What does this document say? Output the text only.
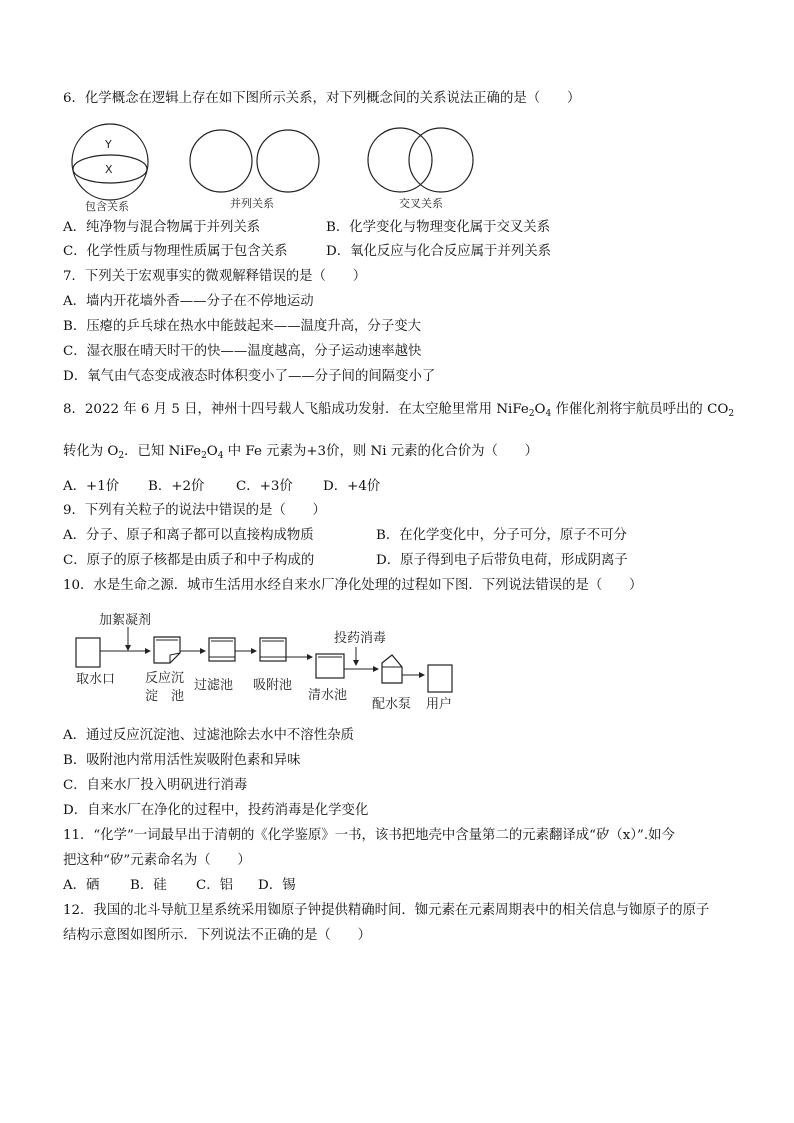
6．化学概念在逻辑上存在如下图所示关系，对下列概念间的关系说法正确的是（　　）
Y
X
包含关系	并列关系	交叉关系
A．纯净物与混合物属于并列关系	B．化学变化与物理变化属于交叉关系
C．化学性质与物理性质属于包含关系	D．氧化反应与化合反应属于并列关系
7．下列关于宏观事实的微观解释错误的是（　　）
A．墙内开花墙外香——分子在不停地运动
B．压瘪的乒乓球在热水中能鼓起来——温度升高，分子变大
C．湿衣服在晴天时干的快——温度越高，分子运动速率越快
D．氧气由气态变成液态时体积变小了——分子间的间隔变小了
8．2022 年 6 月 5 日，神州十四号载人飞船成功发射．在太空舱里常用 $NiFe_2O_4$ 作催化剂将宇航员呼出的 $CO_2$
转化为 $O_2$．已知 $NiFe_2O_4$ 中 Fe 元素为+3价，则 Ni 元素的化合价为（　　）
A．+1价 B．+2价 C．+3价 D．+4价
9．下列有关粒子的说法中错误的是（　　）
A．分子、原子和离子都可以直接构成物质	B．在化学变化中，分子可分，原子不可分
C．原子的原子核都是由质子和中子构成的	D．原子得到电子后带负电荷，形成阴离子
10．水是生命之源．城市生活用水经自来水厂净化处理的过程如下图．下列说法错误的是（　　）
加絮凝剂
投药消毒
取水口 反应沉
淀　池
过滤池 吸附池
清水池
配水泵 用户
A．通过反应沉淀池、过滤池除去水中不溶性杂质
B．吸附池内常用活性炭吸附色素和异味
C．自来水厂投入明矾进行消毒
D．自来水厂在净化的过程中，投药消毒是化学变化
11．“化学”一词最早出于清朝的《化学鉴原》一书，该书把地壳中含量第二的元素翻译成“矽（x）”.如今
把这种“矽”元素命名为（　　）
A．硒 B．硅 C．铝 D．锡
12．我国的北斗导航卫星系统采用铷原子钟提供精确时间．铷元素在元素周期表中的相关信息与铷原子的原子
结构示意图如图所示．下列说法不正确的是（　　）
